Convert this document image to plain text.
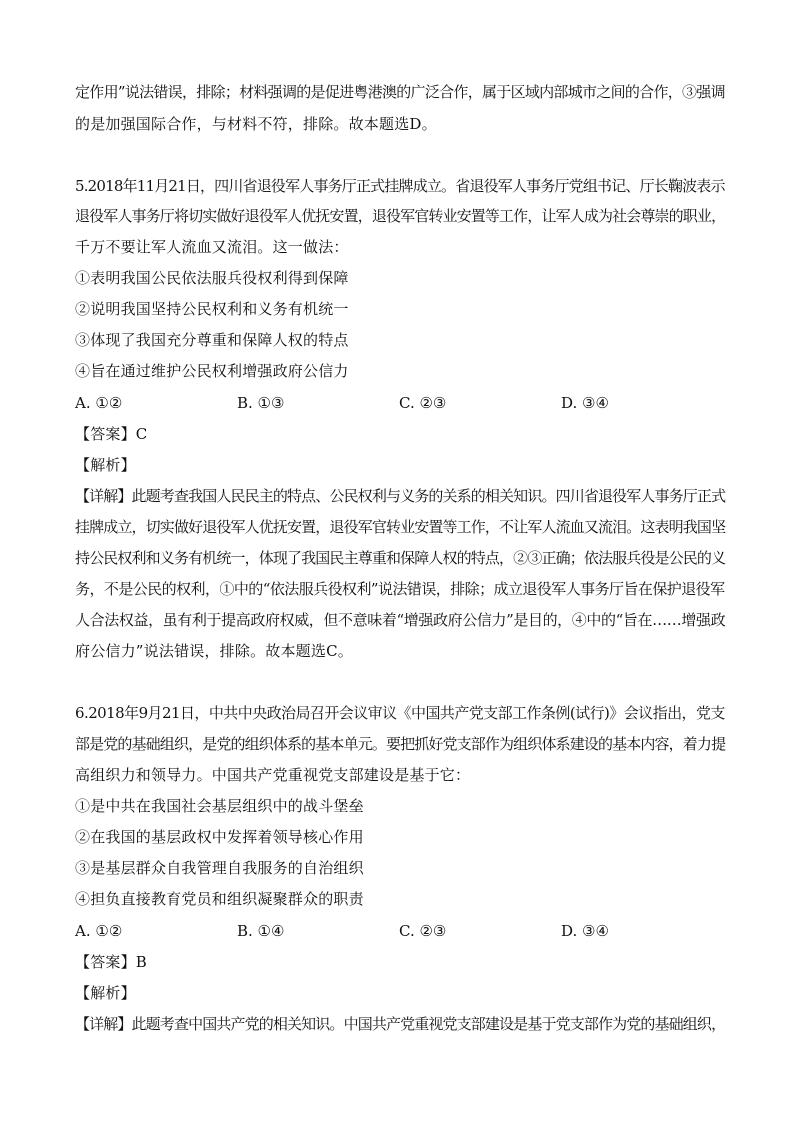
定作用”说法错误，排除；材料强调的是促进粤港澳的广泛合作，属于区域内部城市之间的合作，③强调
的是加强国际合作，与材料不符，排除。故本题选D。
5.2018年11月21日，四川省退役军人事务厅正式挂牌成立。省退役军人事务厅党组书记、厅长鞠波表示
退役军人事务厅将切实做好退役军人优抚安置，退役军官转业安置等工作，让军人成为社会尊崇的职业，
千万不要让军人流血又流泪。这一做法：
①表明我国公民依法服兵役权利得到保障
②说明我国坚持公民权利和义务有机统一
③体现了我国充分尊重和保障人权的特点
④旨在通过维护公民权利增强政府公信力
A. ①②	B. ①③	C. ②③	D. ③④
【答案】C
【解析】
【详解】此题考查我国人民民主的特点、公民权利与义务的关系的相关知识。四川省退役军人事务厅正式
挂牌成立，切实做好退役军人优抚安置，退役军官转业安置等工作，不让军人流血又流泪。这表明我国坚
持公民权利和义务有机统一，体现了我国民主尊重和保障人权的特点，②③正确；依法服兵役是公民的义
务，不是公民的权利，①中的“依法服兵役权利”说法错误，排除；成立退役军人事务厅旨在保护退役军
人合法权益，虽有利于提高政府权威，但不意味着“增强政府公信力”是目的，④中的“旨在……增强政
府公信力”说法错误，排除。故本题选C。
6.2018年9月21日，中共中央政治局召开会议审议《中国共产党支部工作条例(试行)》会议指出，党支
部是党的基础组织，是党的组织体系的基本单元。要把抓好党支部作为组织体系建设的基本内容，着力提
高组织力和领导力。中国共产党重视党支部建设是基于它：
①是中共在我国社会基层组织中的战斗堡垒
②在我国的基层政权中发挥着领导核心作用
③是基层群众自我管理自我服务的自治组织
④担负直接教育党员和组织凝聚群众的职责
A. ①②	B. ①④	C. ②③	D. ③④
【答案】B
【解析】
【详解】此题考查中国共产党的相关知识。中国共产党重视党支部建设是基于党支部作为党的基础组织，
